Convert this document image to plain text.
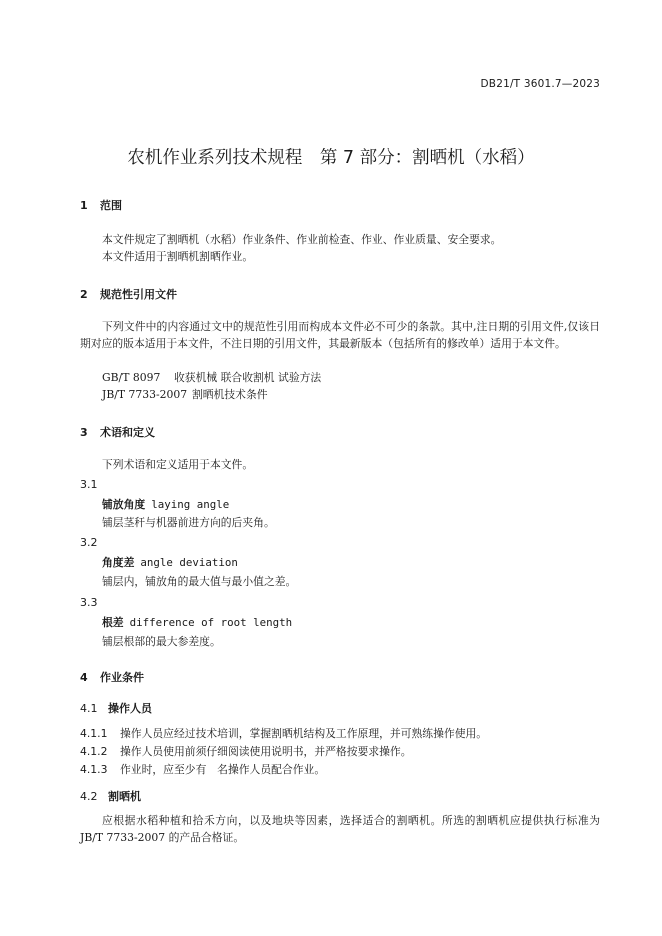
DB21/T 3601.7—2023
农机作业系列技术规程　第 7 部分：割晒机（水稻）
1 范围
本文件规定了割晒机（水稻）作业条件、作业前检查、作业、作业质量、安全要求。
本文件适用于割晒机割晒作业。
2 规范性引用文件
下列文件中的内容通过文中的规范性引用而构成本文件必不可少的条款。其中,注日期的引用文件,仅该日期对应的版本适用于本文件，不注日期的引用文件，其最新版本（包括所有的修改单）适用于本文件。
GB/T 8097 收获机械 联合收割机 试验方法
JB/T 7733-2007 割晒机技术条件
3 术语和定义
下列术语和定义适用于本文件。
3.1
铺放角度 laying angle
铺层茎秆与机器前进方向的后夹角。
3.2
角度差 angle deviation
铺层内，铺放角的最大值与最小值之差。
3.3
根差 difference of root length
铺层根部的最大参差度。
4 作业条件
4.1 操作人员
4.1.1 操作人员应经过技术培训，掌握割晒机结构及工作原理，并可熟练操作使用。
4.1.2 操作人员使用前须仔细阅读使用说明书，并严格按要求操作。
4.1.3 作业时，应至少有　名操作人员配合作业。
4.2 割晒机
应根据水稻种植和拾禾方向，以及地块等因素，选择适合的割晒机。所选的割晒机应提供执行标准为 JB/T 7733-2007 的产品合格证。
